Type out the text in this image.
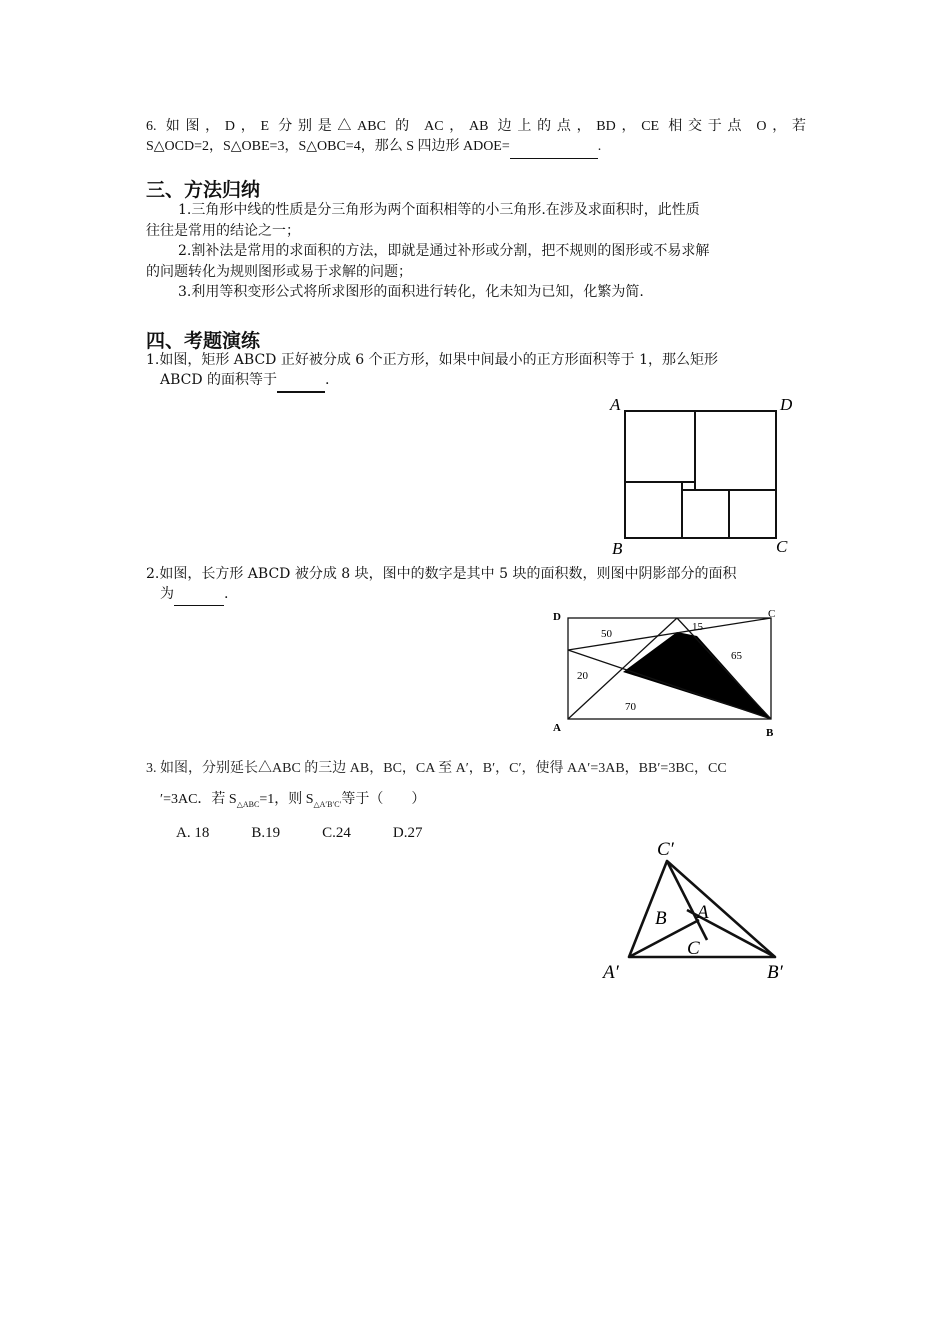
6. 如图，D，E 分别是△ABC 的 AC，AB 边上的点，BD，CE 相交于点 O，若
S△OCD=2，S△OBE=3，S△OBC=4，那么 S 四边形 ADOE=	.
三、方法归纳
1.三角形中线的性质是分三角形为两个面积相等的小三角形.在涉及求面积时，此性质
往往是常用的结论之一；
2.割补法是常用的求面积的方法，即就是通过补形或分割，把不规则的图形或不易求解
的问题转化为规则图形或易于求解的问题；
3.利用等积变形公式将所求图形的面积进行转化，化未知为已知，化繁为简.
四、考题演练
1.如图，矩形 ABCD 正好被分成 6 个正方形，如果中间最小的正方形面积等于 1，那么矩形
ABCD 的面积等于	.
A	D
B	C
2.如图，长方形 ABCD 被分成 8 块，图中的数字是其中 5 块的面积数，则图中阴影部分的面积
为	.
D	C
A	B
50
15
65
20
70
3. 如图，分别延长△ABC 的三边 AB，BC，CA 至 A′，B′，C′，使得 AA′=3AB，BB′=3BC，CC
′=3AC．若 $S_{\triangle ABC}=1$，则 $S_{\triangle A'B'C'}$等于（　　）
A. 18	B.19	C.24	D.27
C′
A′	B′
B A
C
